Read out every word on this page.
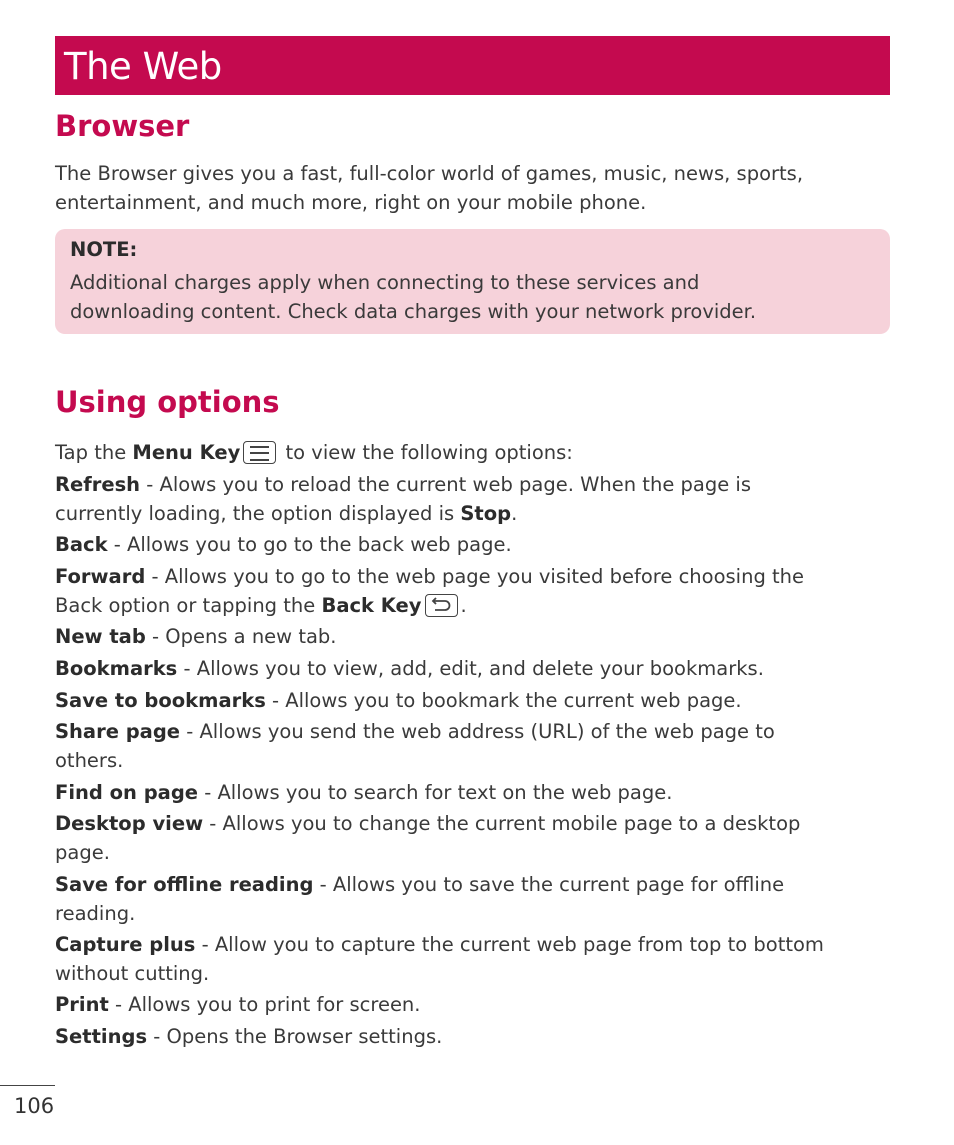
The Web
Browser

The Browser gives you a fast, full-color world of games, music, news, sports,
entertainment, and much more, right on your mobile phone.

NOTE:

Additional charges apply when connecting to these services and
downloading content. Check data charges with your network provider.

Using options

Tap the Menu Key
to view the following options:

Refresh - Alows you to reload the current web page. When the page is
currently loading, the option displayed is Stop.

Back - Allows you to go to the back web page.

Forward - Allows you to go to the web page you visited before choosing the
Back option or tapping the Back Key .

New tab - Opens a new tab.

Bookmarks - Allows you to view, add, edit, and delete your bookmarks.

Save to bookmarks - Allows you to bookmark the current web page.

Share page - Allows you send the web address (URL) of the web page to
others.

Find on page - Allows you to search for text on the web page.

Desktop view - Allows you to change the current mobile page to a desktop
page.

Save for offline reading - Allows you to save the current page for offline
reading.

Capture plus - Allow you to capture the current web page from top to bottom
without cutting.

Print - Allows you to print for screen.

Settings - Opens the Browser settings.

106
